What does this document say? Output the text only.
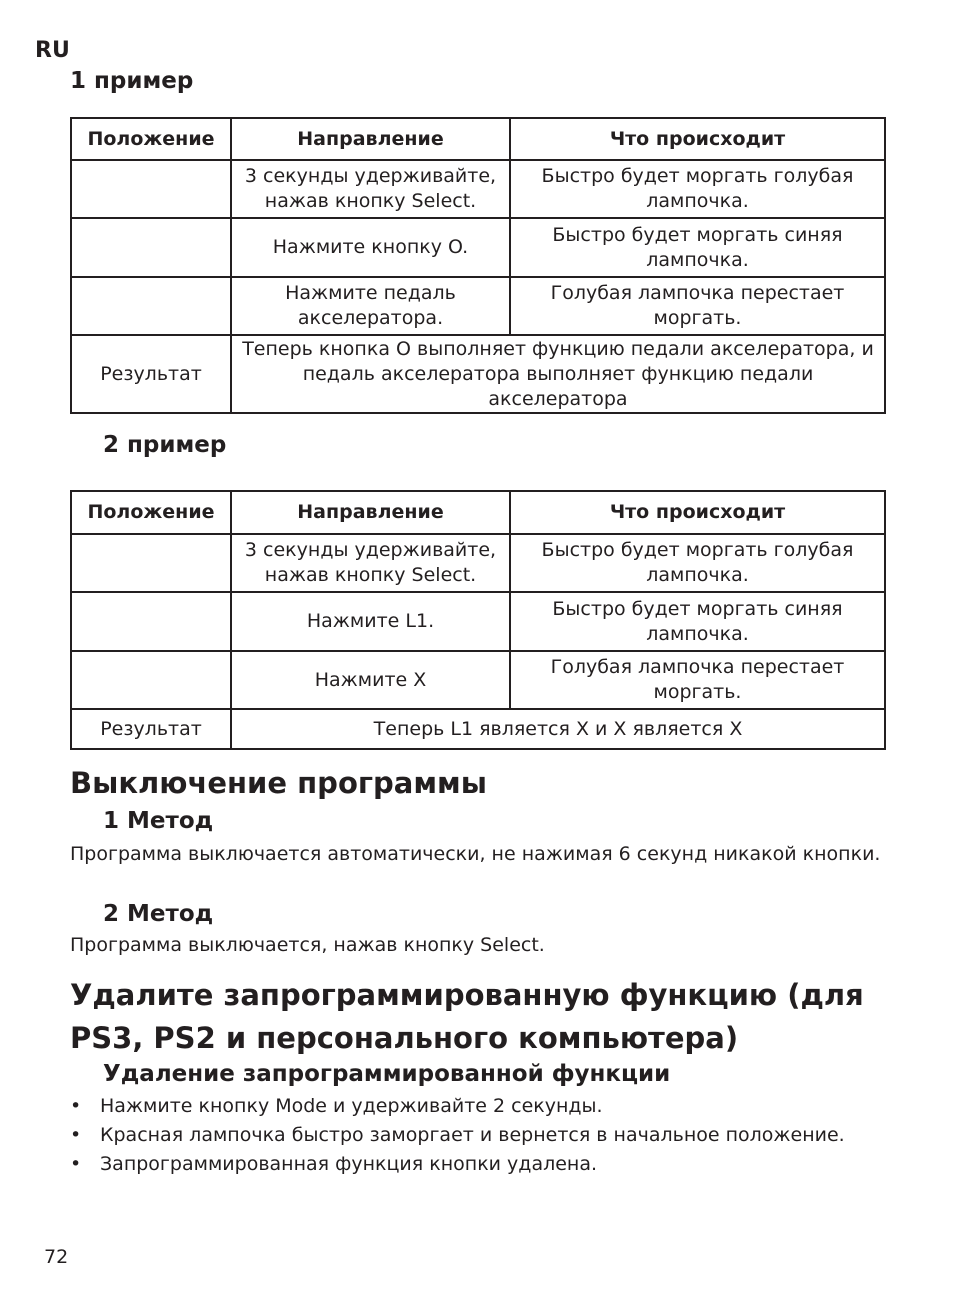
RU
1 пример
Положение	Направление	Что происходит
	3 секунды удерживайте, нажав кнопку Select.	Быстро будет моргать голубая лампочка.
	Нажмите кнопку O.	Быстро будет моргать синяя лампочка.
	Нажмите педаль акселератора.	Голубая лампочка перестает моргать.
Результат	Теперь кнопка O выполняет функцию педали акселератора, и педаль акселератора выполняет функцию педали акселератора	
2 пример
Положение	Направление	Что происходит
	3 секунды удерживайте, нажав кнопку Select.	Быстро будет моргать голубая лампочка.
	Нажмите L1.	Быстро будет моргать синяя лампочка.
	Нажмите X	Голубая лампочка перестает моргать.
Результат	Теперь L1 является X и X является X	
Выключение программы
1 Метод
Программа выключается автоматически, не нажимая 6 секунд никакой кнопки.
2 Метод
Программа выключается, нажав кнопку Select.
Удалите запрограммированную функцию (для PS3, PS2 и персонального компьютера)
Удаление запрограммированной функции
• Нажмите кнопку Mode и удерживайте 2 секунды.
• Красная лампочка быстро заморгает и вернется в начальное положение.
• Запрограммированная функция кнопки удалена.
72
